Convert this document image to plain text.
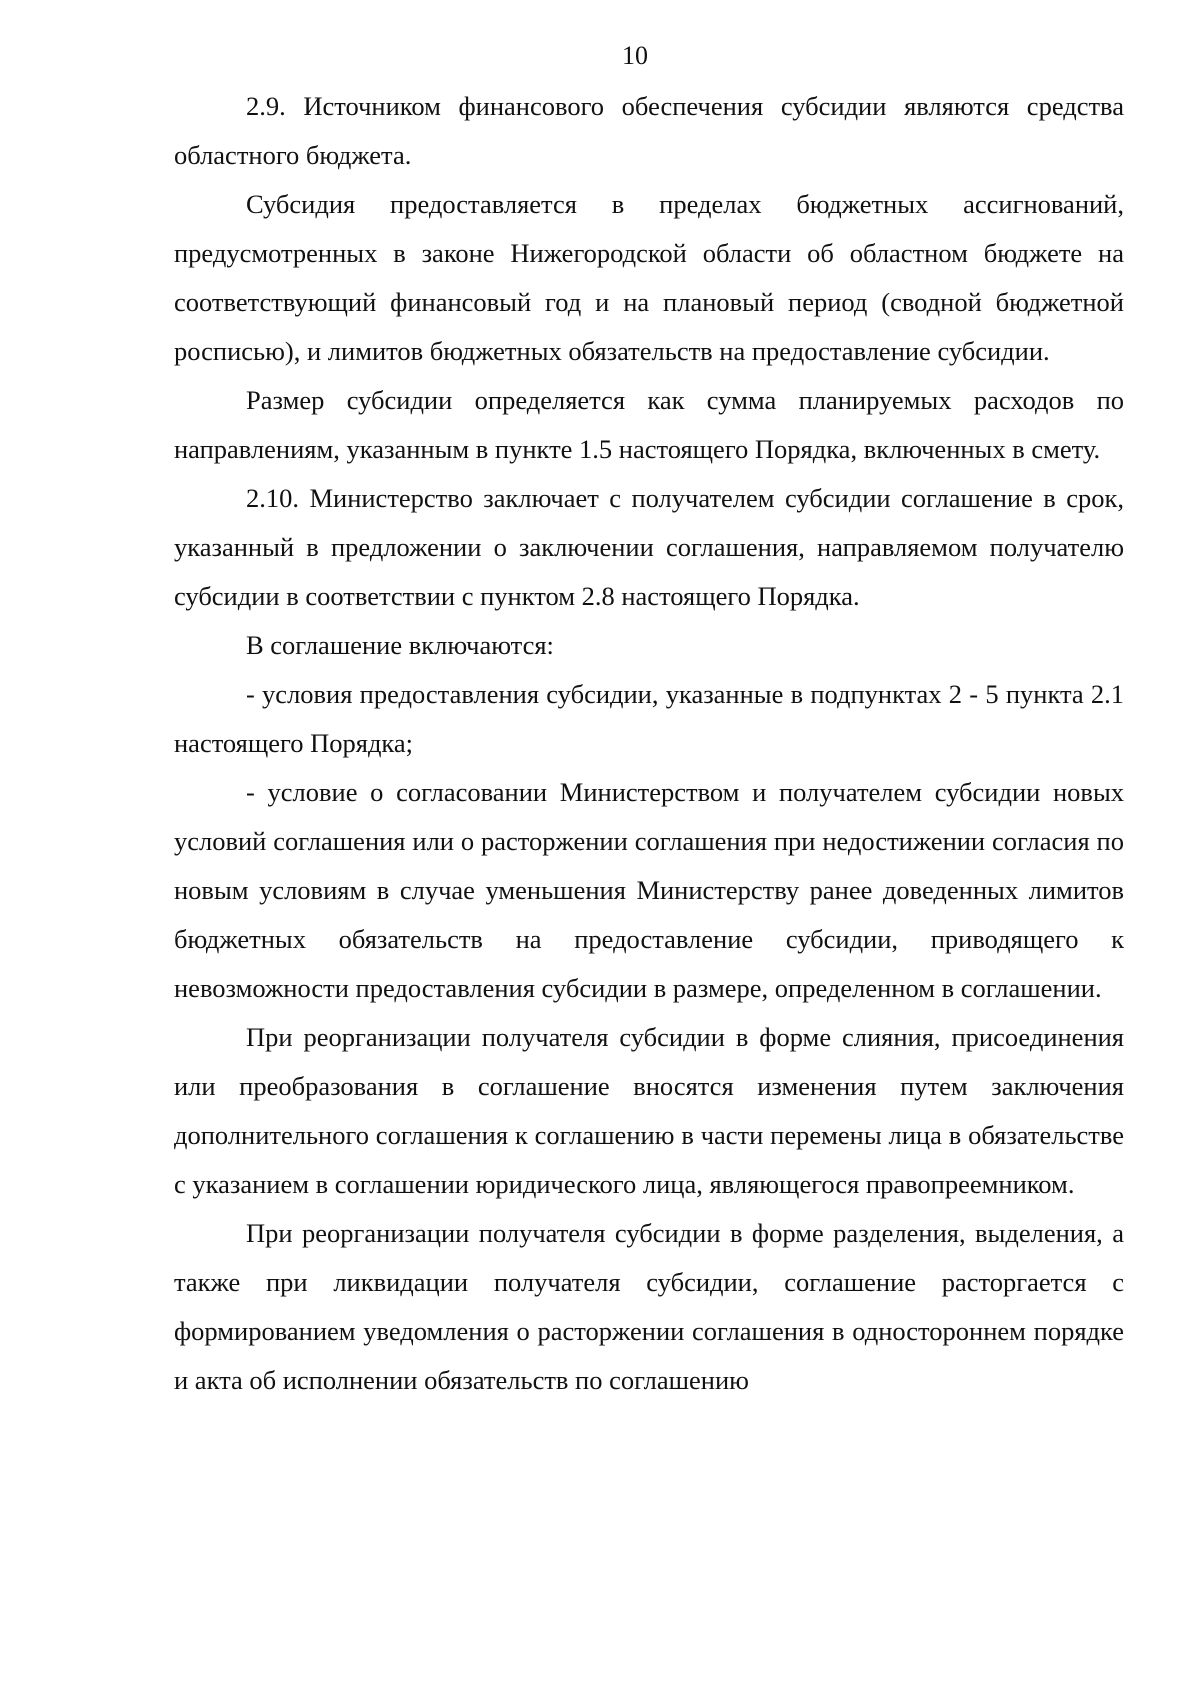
10

2.9. Источником финансового обеспечения субсидии являются средства областного бюджета.

Субсидия предоставляется в пределах бюджетных ассигнований, предусмотренных в законе Нижегородской области об областном бюджете на соответствующий финансовый год и на плановый период (сводной бюджетной росписью), и лимитов бюджетных обязательств на предоставление субсидии.

Размер субсидии определяется как сумма планируемых расходов по направлениям, указанным в пункте 1.5 настоящего Порядка, включенных в смету.

2.10. Министерство заключает с получателем субсидии соглашение в срок, указанный в предложении о заключении соглашения, направляемом получателю субсидии в соответствии с пунктом 2.8 настоящего Порядка.

В соглашение включаются:

- условия предоставления субсидии, указанные в подпунктах 2 - 5 пункта 2.1 настоящего Порядка;

- условие о согласовании Министерством и получателем субсидии новых условий соглашения или о расторжении соглашения при недостижении согласия по новым условиям в случае уменьшения Министерству ранее доведенных лимитов бюджетных обязательств на предоставление субсидии, приводящего к невозможности предоставления субсидии в размере, определенном в соглашении.

При реорганизации получателя субсидии в форме слияния, присоединения или преобразования в соглашение вносятся изменения путем заключения дополнительного соглашения к соглашению в части перемены лица в обязательстве с указанием в соглашении юридического лица, являющегося правопреемником.

При реорганизации получателя субсидии в форме разделения, выделения, а также при ликвидации получателя субсидии, соглашение расторгается с формированием уведомления о расторжении соглашения в одностороннем порядке и акта об исполнении обязательств по соглашению
